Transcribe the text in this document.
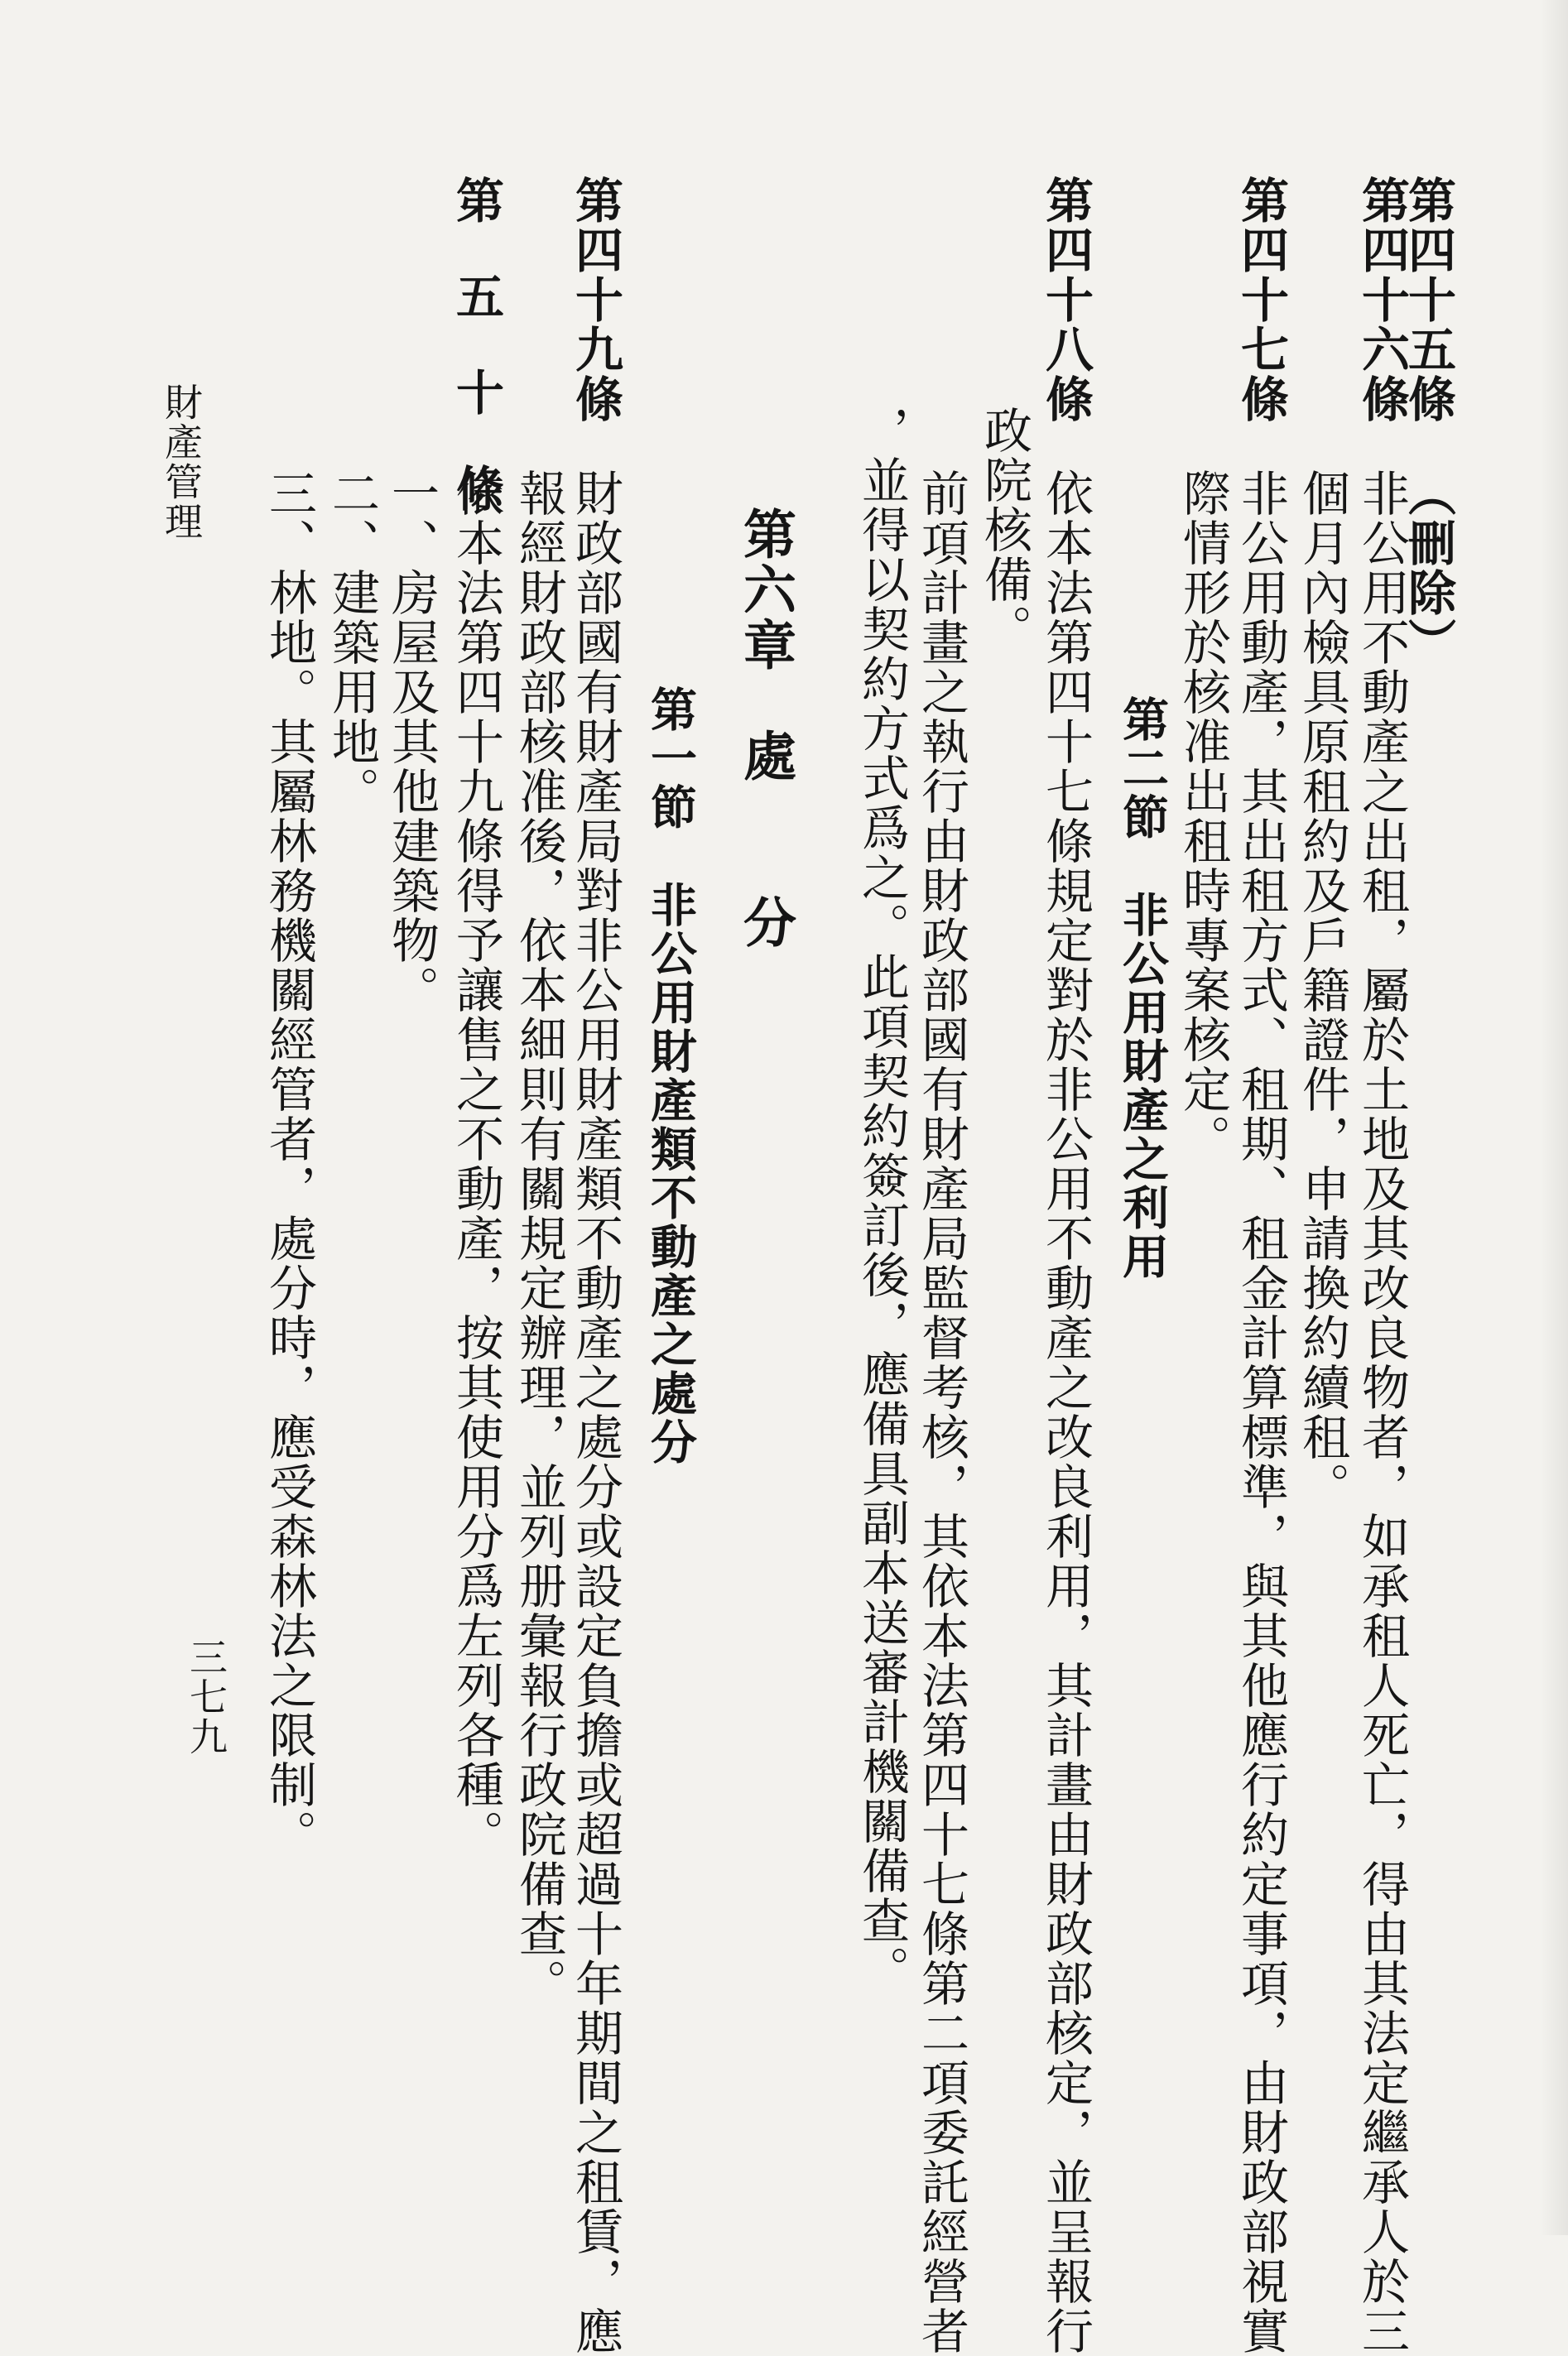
第四十五條
（刪除）
第四十六條
非公用不動產之出租，屬於土地及其改良物者，如承租人死亡，得由其法定繼承人於三
個月內檢具原租約及戶籍證件，申請換約續租。
第四十七條
非公用動產，其出租方式、租期、租金計算標準，與其他應行約定事項，由財政部視實
際情形於核准出租時專案核定。
第二節　非公用財產之利用
第四十八條
依本法第四十七條規定對於非公用不動產之改良利用，其計畫由財政部核定，並呈報行
政院核備。
前項計畫之執行由財政部國有財產局監督考核，其依本法第四十七條第二項委託經營者
，並得以契約方式爲之。此項契約簽訂後，應備具副本送審計機關備查。
第六章　處　　分
第一節　非公用財產類不動產之處分
第四十九條
財政部國有財產局對非公用財產類不動產之處分或設定負擔或超過十年期間之租賃，應
報經財政部核准後，依本細則有關規定辦理，並列册彙報行政院備查。
第　五　十　條
依本法第四十九條得予讓售之不動產，按其使用分爲左列各種。
一、房屋及其他建築物。
二、建築用地。
三、林地。其屬林務機關經管者，處分時，應受森林法之限制。
財產管理
三七九
